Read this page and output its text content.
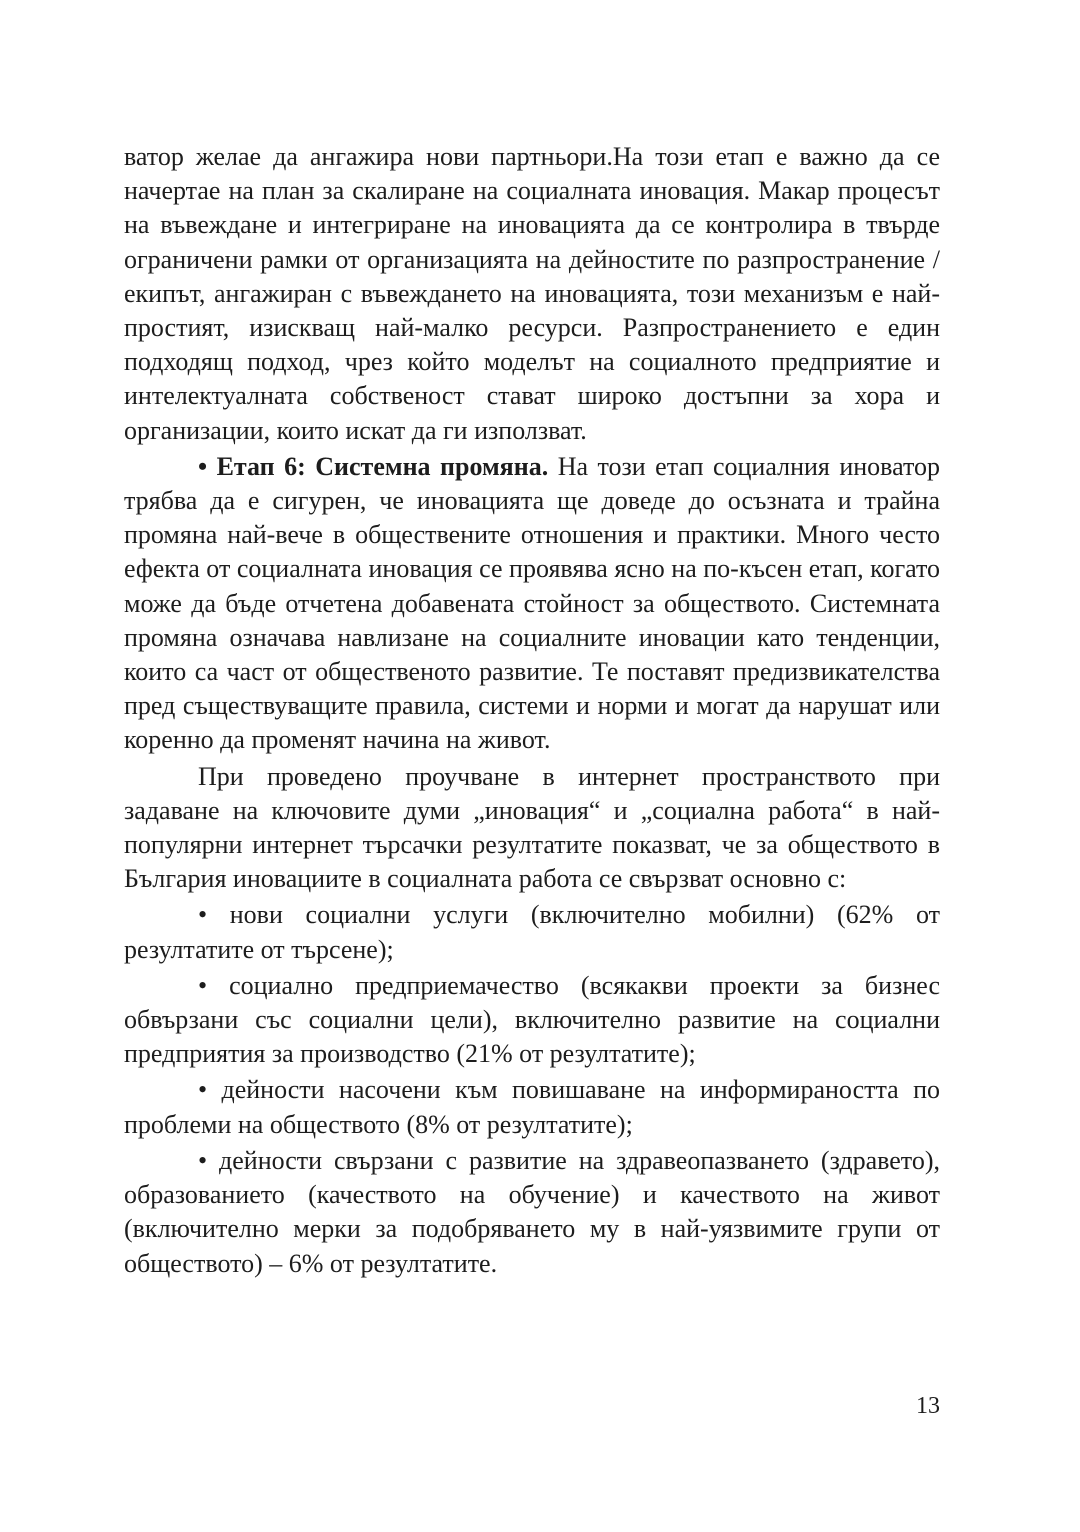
ватор желае да ангажира нови партньори.На този етап е важно да се начертае на план за скалиране на социалната иновация. Макар процесът на въвеждане и интегриране на иновацията да се контролира в твърде ограничени рамки от организацията на дейностите по разпространение /екипът, ангажиран с въвеждането на иновацията, този механизъм е най-простият, изискващ най-малко ресурси. Разпространението е един подходящ подход, чрез който моделът на социалното предприятие и интелектуалната собственост стават широко достъпни за хора и организации, които искат да ги използват.

• Етап 6: Системна промяна. На този етап социалния иноватор трябва да е сигурен, че иновацията ще доведе до осъзната и трайна промяна най-вече в обществените отношения и практики. Много често ефекта от социалната иновация се проявява ясно на по-късен етап, когато може да бъде отчетена добавената стойност за обществото. Системната промяна означава навлизане на социалните иновации като тенденции, които са част от общественото развитие. Те поставят предизвикателства пред съществуващите правила, системи и норми и могат да нарушат или коренно да променят начина на живот.

При проведено проучване в интернет пространството при задаване на ключовите думи „иновация“ и „социална работа“ в най-популярни интернет търсачки резултатите показват, че за обществото в България иновациите в социалната работа се свързват основно с:

• нови социални услуги (включително мобилни) (62% от резултатите от търсене);

• социално предприемачество (всякакви проекти за бизнес обвързани със социални цели), включително развитие на социални предприятия за производство (21% от резултатите);

• дейности насочени към повишаване на информираността по проблеми на обществото (8% от резултатите);

• дейности свързани с развитие на здравеопазването (здравето), образованието (качеството на обучение) и качеството на живот (включително мерки за подобряването му в най-уязвимите групи от обществото) – 6% от резултатите.

13
